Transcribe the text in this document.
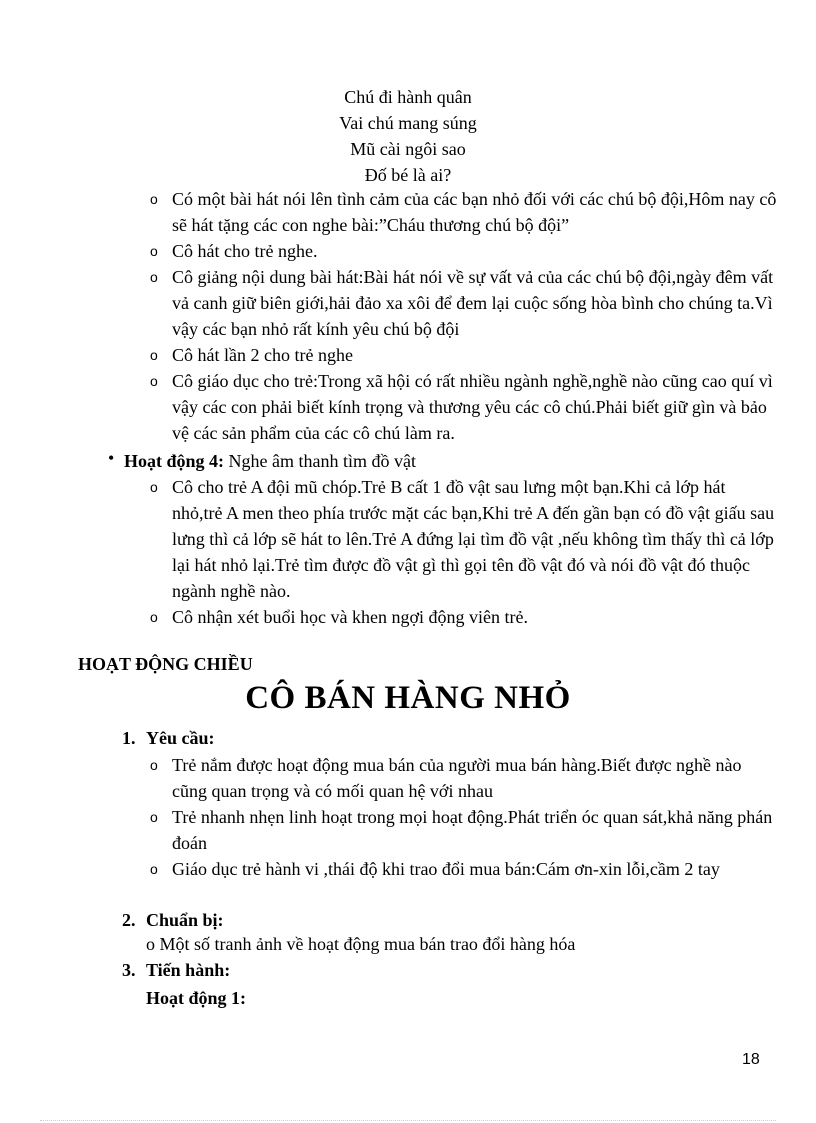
Chú đi hành quân
Vai chú mang súng
Mũ cài ngôi sao
Đố bé là ai?
o Có một bài hát nói lên tình cảm của các bạn nhỏ đối với các chú bộ đội,Hôm nay cô sẽ hát tặng các con nghe bài:”Cháu thương chú bộ đội”
o Cô hát cho trẻ nghe.
o Cô giảng nội dung bài hát:Bài hát nói về sự vất vả của các chú bộ đội,ngày đêm vất vả canh giữ biên giới,hải đảo xa xôi để đem lại cuộc sống hòa bình cho chúng ta.Vì vậy các bạn nhỏ rất kính yêu chú bộ đội
o Cô hát lần 2 cho trẻ nghe
o Cô giáo dục cho trẻ:Trong xã hội có rất nhiều ngành nghề,nghề nào cũng cao quí vì vậy các con phải biết kính trọng và thương yêu các cô chú.Phải biết giữ gìn và bảo vệ các sản phẩm của các cô chú làm ra.
• Hoạt động 4: Nghe âm thanh tìm đồ vật
o Cô cho trẻ A đội mũ chóp.Trẻ B cất 1 đồ vật sau lưng một bạn.Khi cả lớp hát nhỏ,trẻ A men theo phía trước mặt các bạn,Khi trẻ A đến gần bạn có đồ vật giấu sau lưng thì cả lớp sẽ hát to lên.Trẻ A đứng lại tìm đồ vật ,nếu không tìm thấy thì cả lớp lại hát nhỏ lại.Trẻ tìm được đồ vật gì thì gọi tên đồ vật đó và nói đồ vật đó thuộc ngành nghề nào.
o Cô nhận xét buổi học và khen ngợi động viên trẻ.
HOẠT ĐỘNG CHIỀU
CÔ BÁN HÀNG NHỎ
1. Yêu cầu:
o Trẻ nắm được hoạt động mua bán của người mua bán hàng.Biết được nghề nào cũng quan trọng và có mối quan hệ với nhau
o Trẻ nhanh nhẹn linh hoạt trong mọi hoạt động.Phát triển óc quan sát,khả năng phán đoán
o Giáo dục trẻ hành vi ,thái độ khi trao đổi mua bán:Cám ơn-xin lỗi,cầm 2 tay
2. Chuẩn bị:
o Một số tranh ảnh về hoạt động mua bán trao đổi hàng hóa
3. Tiến hành:
Hoạt động 1:
18
